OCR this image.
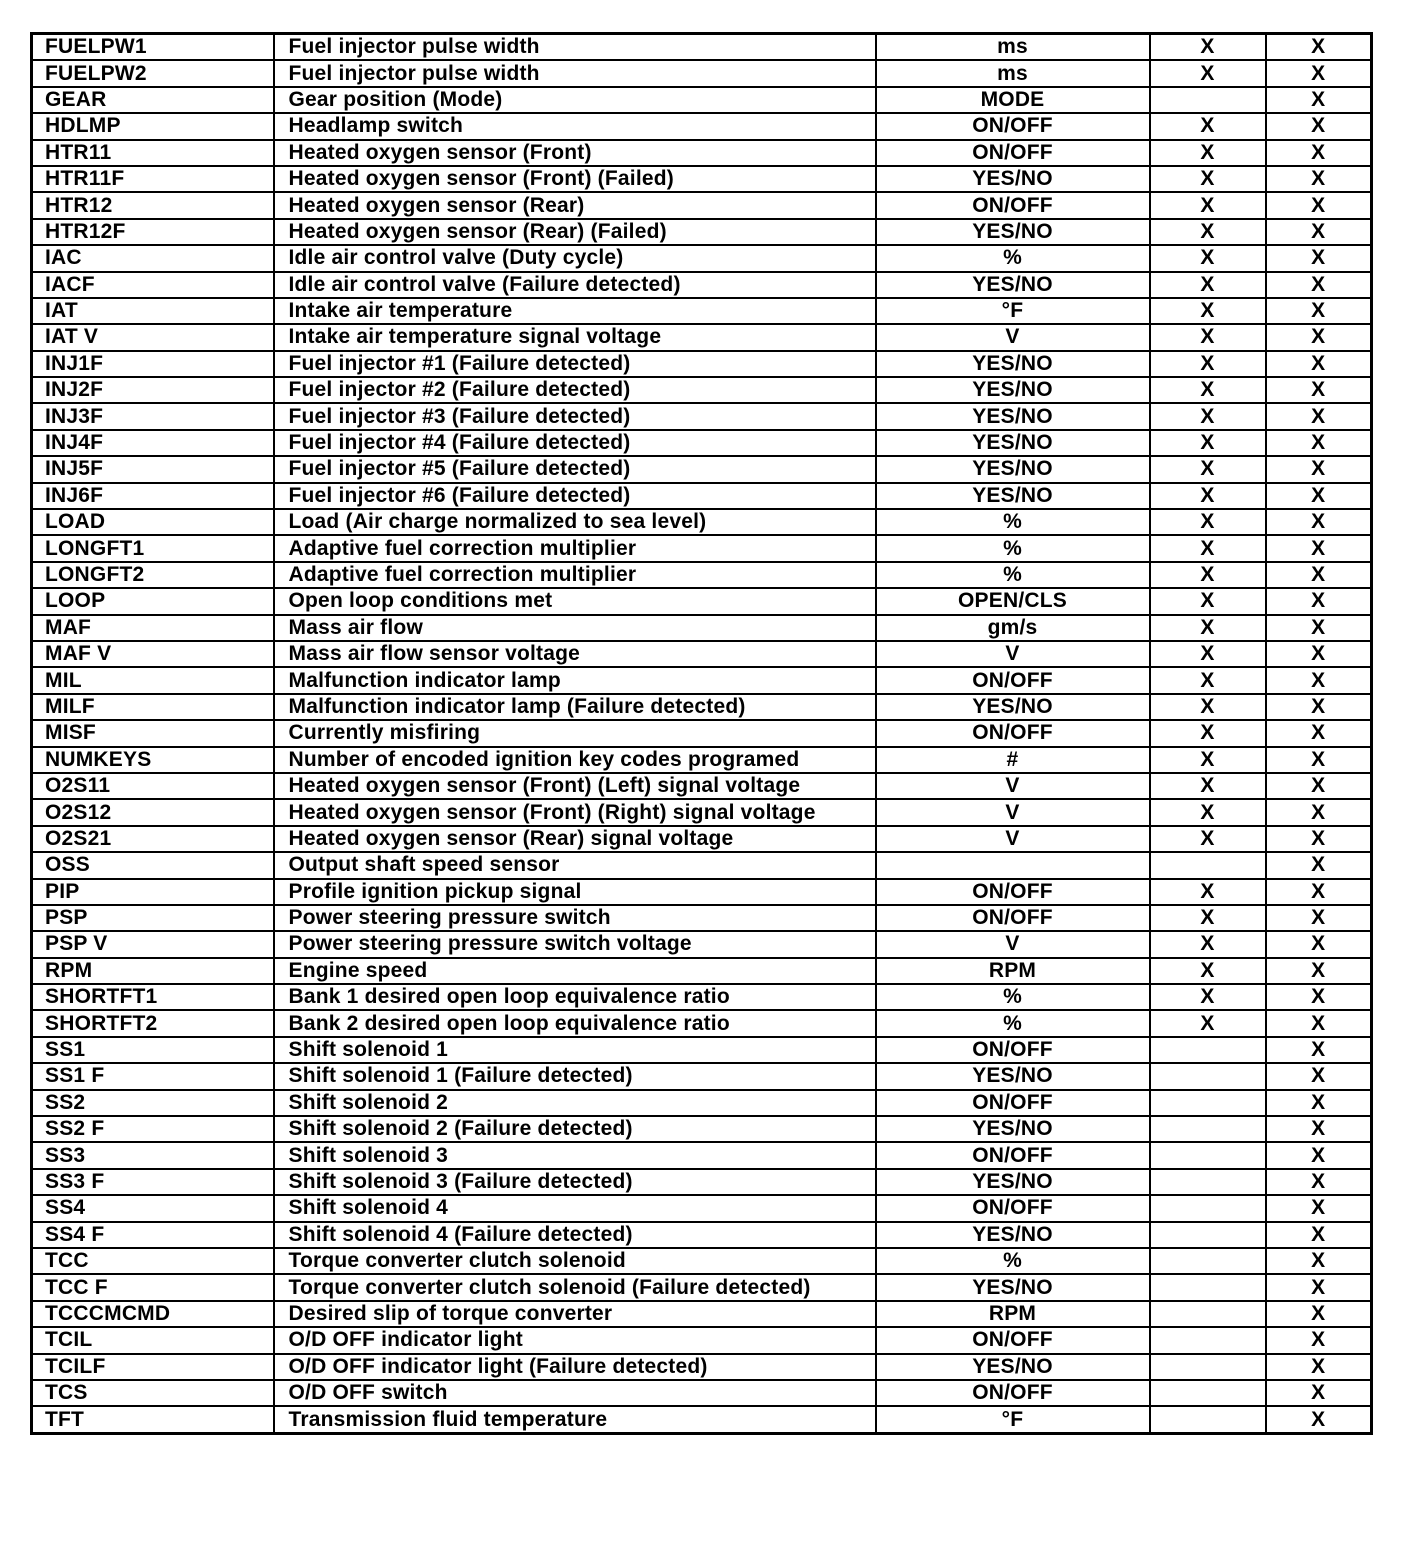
FUELPW1	Fuel injector pulse width	ms	X	X
FUELPW2	Fuel injector pulse width	ms	X	X
GEAR	Gear position (Mode)	MODE		X
HDLMP	Headlamp switch	ON/OFF	X	X
HTR11	Heated oxygen sensor (Front)	ON/OFF	X	X
HTR11F	Heated oxygen sensor (Front) (Failed)	YES/NO	X	X
HTR12	Heated oxygen sensor (Rear)	ON/OFF	X	X
HTR12F	Heated oxygen sensor (Rear) (Failed)	YES/NO	X	X
IAC	Idle air control valve (Duty cycle)	%	X	X
IACF	Idle air control valve (Failure detected)	YES/NO	X	X
IAT	Intake air temperature	°F	X	X
IAT V	Intake air temperature signal voltage	V	X	X
INJ1F	Fuel injector #1 (Failure detected)	YES/NO	X	X
INJ2F	Fuel injector #2 (Failure detected)	YES/NO	X	X
INJ3F	Fuel injector #3 (Failure detected)	YES/NO	X	X
INJ4F	Fuel injector #4 (Failure detected)	YES/NO	X	X
INJ5F	Fuel injector #5 (Failure detected)	YES/NO	X	X
INJ6F	Fuel injector #6 (Failure detected)	YES/NO	X	X
LOAD	Load (Air charge normalized to sea level)	%	X	X
LONGFT1	Adaptive fuel correction multiplier	%	X	X
LONGFT2	Adaptive fuel correction multiplier	%	X	X
LOOP	Open loop conditions met	OPEN/CLS	X	X
MAF	Mass air flow	gm/s	X	X
MAF V	Mass air flow sensor voltage	V	X	X
MIL	Malfunction indicator lamp	ON/OFF	X	X
MILF	Malfunction indicator lamp (Failure detected)	YES/NO	X	X
MISF	Currently misfiring	ON/OFF	X	X
NUMKEYS	Number of encoded ignition key codes programed	#	X	X
O2S11	Heated oxygen sensor (Front) (Left) signal voltage	V	X	X
O2S12	Heated oxygen sensor (Front) (Right) signal voltage	V	X	X
O2S21	Heated oxygen sensor (Rear) signal voltage	V	X	X
OSS	Output shaft speed sensor			X
PIP	Profile ignition pickup signal	ON/OFF	X	X
PSP	Power steering pressure switch	ON/OFF	X	X
PSP V	Power steering pressure switch voltage	V	X	X
RPM	Engine speed	RPM	X	X
SHORTFT1	Bank 1 desired open loop equivalence ratio	%	X	X
SHORTFT2	Bank 2 desired open loop equivalence ratio	%	X	X
SS1	Shift solenoid 1	ON/OFF		X
SS1 F	Shift solenoid 1 (Failure detected)	YES/NO		X
SS2	Shift solenoid 2	ON/OFF		X
SS2 F	Shift solenoid 2 (Failure detected)	YES/NO		X
SS3	Shift solenoid 3	ON/OFF		X
SS3 F	Shift solenoid 3 (Failure detected)	YES/NO		X
SS4	Shift solenoid 4	ON/OFF		X
SS4 F	Shift solenoid 4 (Failure detected)	YES/NO		X
TCC	Torque converter clutch solenoid	%		X
TCC F	Torque converter clutch solenoid (Failure detected)	YES/NO		X
TCCCMCMD	Desired slip of torque converter	RPM		X
TCIL	O/D OFF indicator light	ON/OFF		X
TCILF	O/D OFF indicator light (Failure detected)	YES/NO		X
TCS	O/D OFF switch	ON/OFF		X
TFT	Transmission fluid temperature	°F		X
